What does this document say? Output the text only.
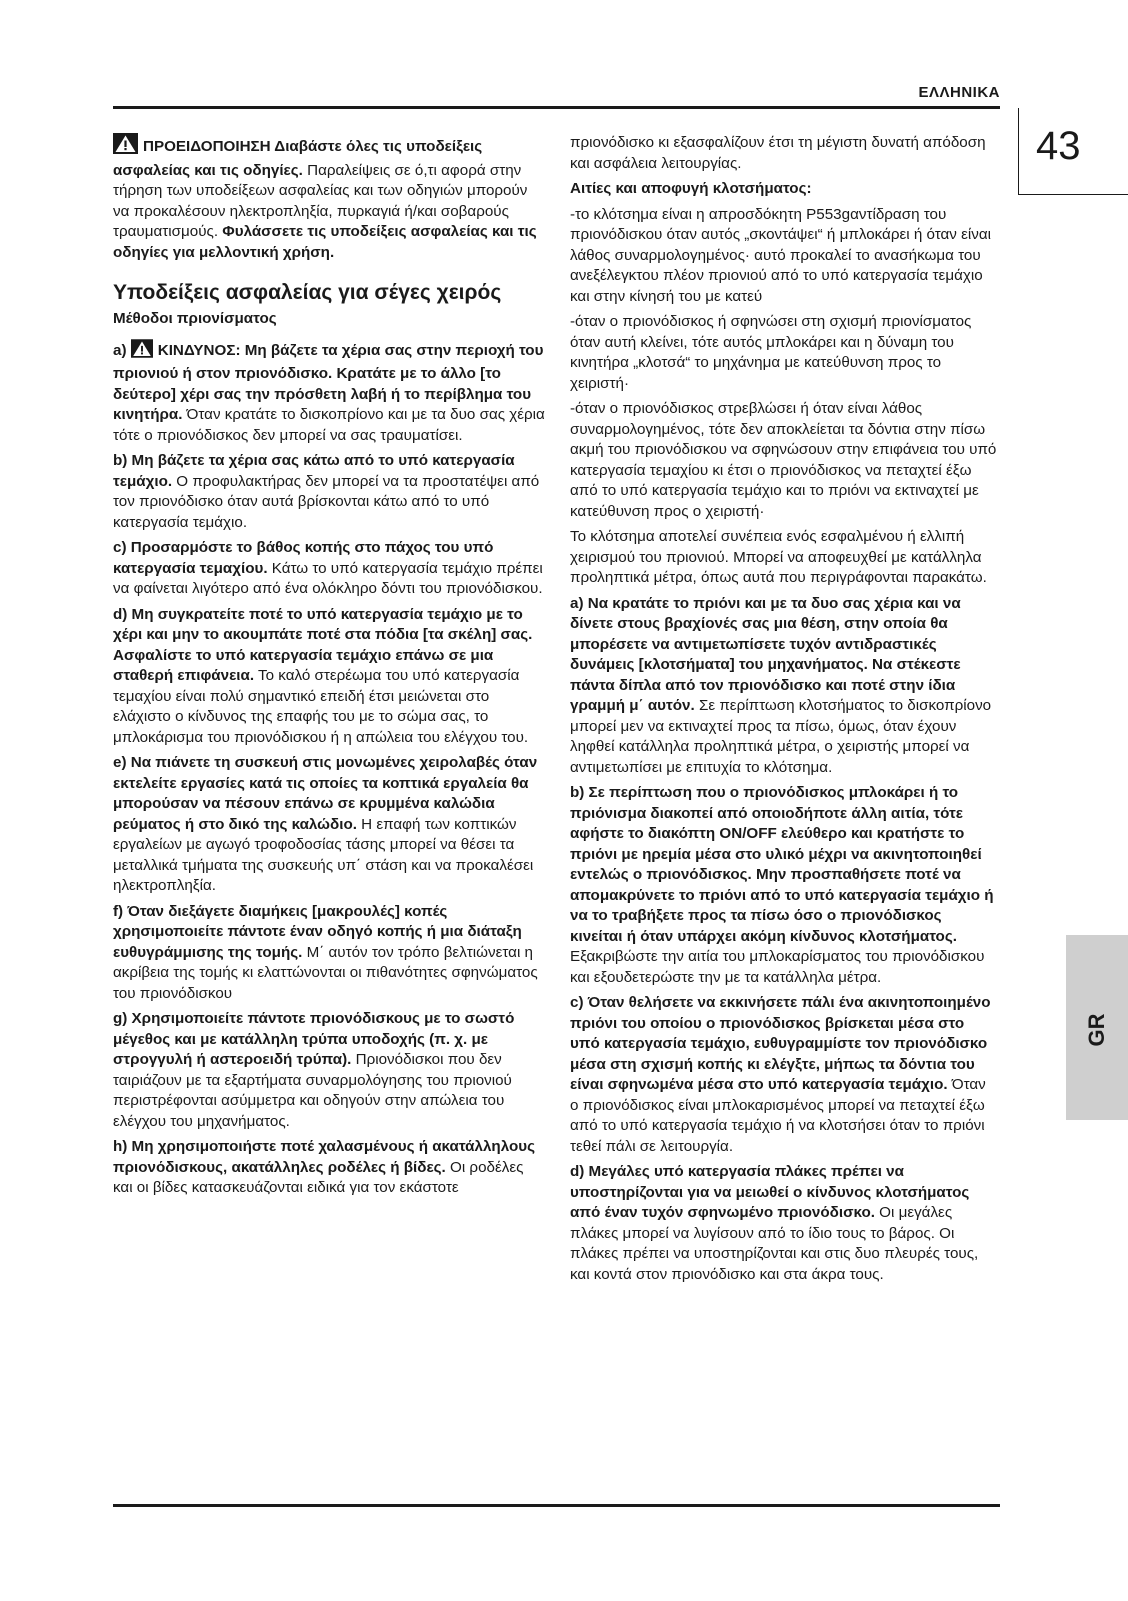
ΕΛΛΗΝΙΚΑ
43
GR

ΠΡΟΕΙΔΟΠΟΙΗΣΗ Διαβάστε όλες τις υποδείξεις ασφαλείας και τις οδηγίες. Παραλείψεις σε ό,τι αφορά στην τήρηση των υποδείξεων ασφαλείας και των οδηγιών μπορούν να προκαλέσουν ηλεκτροπληξία, πυρκαγιά ή/και σοβαρούς τραυματισμούς. Φυλάσσετε τις υποδείξεις ασφαλείας και τις οδηγίες για μελλοντική χρήση.

Υποδείξεις ασφαλείας για σέγες χειρός
Μέθοδοι πριονίσματος

a) ΚΙΝΔΥΝΟΣ: Μη βάζετε τα χέρια σας στην περιοχή του πριονιού ή στον πριονόδισκο. Κρατάτε με το άλλο [το δεύτερο] χέρι σας την πρόσθετη λαβή ή το περίβλημα του κινητήρα. Όταν κρατάτε το δισκοπρίονο και με τα δυο σας χέρια τότε ο πριονόδισκος δεν μπορεί να σας τραυματίσει.

b) Μη βάζετε τα χέρια σας κάτω από το υπό κατεργασία τεμάχιο. Ο προφυλακτήρας δεν μπορεί να τα προστατέψει από τον πριονόδισκο όταν αυτά βρίσκονται κάτω από το υπό κατεργασία τεμάχιο.

c) Προσαρμόστε το βάθος κοπής στο πάχος του υπό κατεργασία τεμαχίου. Κάτω το υπό κατεργασία τεμάχιο πρέπει να φαίνεται λιγότερο από ένα ολόκληρο δόντι του πριονόδισκου.

d) Μη συγκρατείτε ποτέ το υπό κατεργασία τεμάχιο με το χέρι και μην το ακουμπάτε ποτέ στα πόδια [τα σκέλη] σας. Ασφαλίστε το υπό κατεργασία τεμάχιο επάνω σε μια σταθερή επιφάνεια. Το καλό στερέωμα του υπό κατεργασία τεμαχίου είναι πολύ σημαντικό επειδή έτσι μειώνεται στο ελάχιστο ο κίνδυνος της επαφής του με το σώμα σας, το μπλοκάρισμα του πριονόδισκου ή η απώλεια του ελέγχου του.

e) Να πιάνετε τη συσκευή στις μονωμένες χειρολαβές όταν εκτελείτε εργασίες κατά τις οποίες τα κοπτικά εργαλεία θα μπορούσαν να πέσουν επάνω σε κρυμμένα καλώδια ρεύματος ή στο δικό της καλώδιο. Η επαφή των κοπτικών εργαλείων με αγωγό τροφοδοσίας τάσης μπορεί να θέσει τα μεταλλικά τμήματα της συσκευής υπ΄ στάση και να προκαλέσει ηλεκτροπληξία.

f) Όταν διεξάγετε διαμήκεις [μακρουλές] κοπές χρησιμοποιείτε πάντοτε έναν οδηγό κοπής ή μια διάταξη ευθυγράμμισης της τομής. Μ΄ αυτόν τον τρόπο βελτιώνεται η ακρίβεια της τομής κι ελαττώνονται οι πιθανότητες σφηνώματος του πριονόδισκου

g) Χρησιμοποιείτε πάντοτε πριονόδισκους με το σωστό μέγεθος και με κατάλληλη τρύπα υποδοχής (π. χ. με στρογγυλή ή αστεροειδή τρύπα). Πριονόδισκοι που δεν ταιριάζουν με τα εξαρτήματα συναρμολόγησης του πριονιού περιστρέφονται ασύμμετρα και οδηγούν στην απώλεια του ελέγχου του μηχανήματος.

h) Μη χρησιμοποιήστε ποτέ χαλασμένους ή ακατάλληλους πριονόδισκους, ακατάλληλες ροδέλες ή βίδες. Οι ροδέλες και οι βίδες κατασκευάζονται ειδικά για τον εκάστοτε

πριονόδισκο κι εξασφαλίζουν έτσι τη μέγιστη δυνατή απόδοση και ασφάλεια λειτουργίας.

Αιτίες και αποφυγή κλοτσήματος:

-το κλότσημα είναι η απροσδόκητη P553gαντίδραση του πριονόδισκου όταν αυτός „σκοντάψει“ ή μπλοκάρει ή όταν είναι λάθος συναρμολογημένος· αυτό προκαλεί το ανασήκωμα του ανεξέλεγκτου πλέον πριονιού από το υπό κατεργασία τεμάχιο και στην κίνησή του με κατεύ

-όταν ο πριονόδισκος ή σφηνώσει στη σχισμή πριονίσματος όταν αυτή κλείνει, τότε αυτός μπλοκάρει και η δύναμη του κινητήρα „κλοτσά“ το μηχάνημα με κατεύθυνση προς το χειριστή·

-όταν ο πριονόδισκος στρεβλώσει ή όταν είναι λάθος συναρμολογημένος, τότε δεν αποκλείεται τα δόντια στην πίσω ακμή του πριονόδισκου να σφηνώσουν στην επιφάνεια του υπό κατεργασία τεμαχίου κι έτσι ο πριονόδισκος να πεταχτεί έξω από το υπό κατεργασία τεμάχιο και το πριόνι να εκτιναχτεί με κατεύθυνση προς ο χειριστή·

Το κλότσημα αποτελεί συνέπεια ενός εσφαλμένου ή ελλιπή χειρισμού του πριονιού. Μπορεί να αποφευχθεί με κατάλληλα προληπτικά μέτρα, όπως αυτά που περιγράφονται παρακάτω.

a) Να κρατάτε το πριόνι και με τα δυο σας χέρια και να δίνετε στους βραχίονές σας μια θέση, στην οποία θα μπορέσετε να αντιμετωπίσετε τυχόν αντιδραστικές δυνάμεις [κλοτσήματα] του μηχανήματος. Να στέκεστε πάντα δίπλα από τον πριονόδισκο και ποτέ στην ίδια γραμμή μ΄ αυτόν. Σε περίπτωση κλοτσήματος το δισκοπρίονο μπορεί μεν να εκτιναχτεί προς τα πίσω, όμως, όταν έχουν ληφθεί κατάλληλα προληπτικά μέτρα, ο χειριστής μπορεί να αντιμετωπίσει με επιτυχία το κλότσημα.

b) Σε περίπτωση που ο πριονόδισκος μπλοκάρει ή το πριόνισμα διακοπεί από οποιοδήποτε άλλη αιτία, τότε αφήστε το διακόπτη ON/OFF ελεύθερο και κρατήστε το πριόνι με ηρεμία μέσα στο υλικό μέχρι να ακινητοποιηθεί εντελώς ο πριονόδισκος. Μην προσπαθήσετε ποτέ να απομακρύνετε το πριόνι από το υπό κατεργασία τεμάχιο ή να το τραβήξετε προς τα πίσω όσο ο πριονόδισκος κινείται ή όταν υπάρχει ακόμη κίνδυνος κλοτσήματος. Εξακριβώστε την αιτία του μπλοκαρίσματος του πριονόδισκου και εξουδετερώστε την με τα κατάλληλα μέτρα.

c) Όταν θελήσετε να εκκινήσετε πάλι ένα ακινητοποιημένο πριόνι του οποίου ο πριονόδισκος βρίσκεται μέσα στο υπό κατεργασία τεμάχιο, ευθυγραμμίστε τον πριονόδισκο μέσα στη σχισμή κοπής κι ελέγξτε, μήπως τα δόντια του είναι σφηνωμένα μέσα στο υπό κατεργασία τεμάχιο. Όταν ο πριονόδισκος είναι μπλοκαρισμένος μπορεί να πεταχτεί έξω από το υπό κατεργασία τεμάχιο ή να κλοτσήσει όταν το πριόνι τεθεί πάλι σε λειτουργία.

d) Μεγάλες υπό κατεργασία πλάκες πρέπει να υποστηρίζονται για να μειωθεί ο κίνδυνος κλοτσήματος από έναν τυχόν σφηνωμένο πριονόδισκο. Οι μεγάλες πλάκες μπορεί να λυγίσουν από το ίδιο τους το βάρος. Οι πλάκες πρέπει να υποστηρίζονται και στις δυο πλευρές τους, και κοντά στον πριονόδισκο και στα άκρα τους.
